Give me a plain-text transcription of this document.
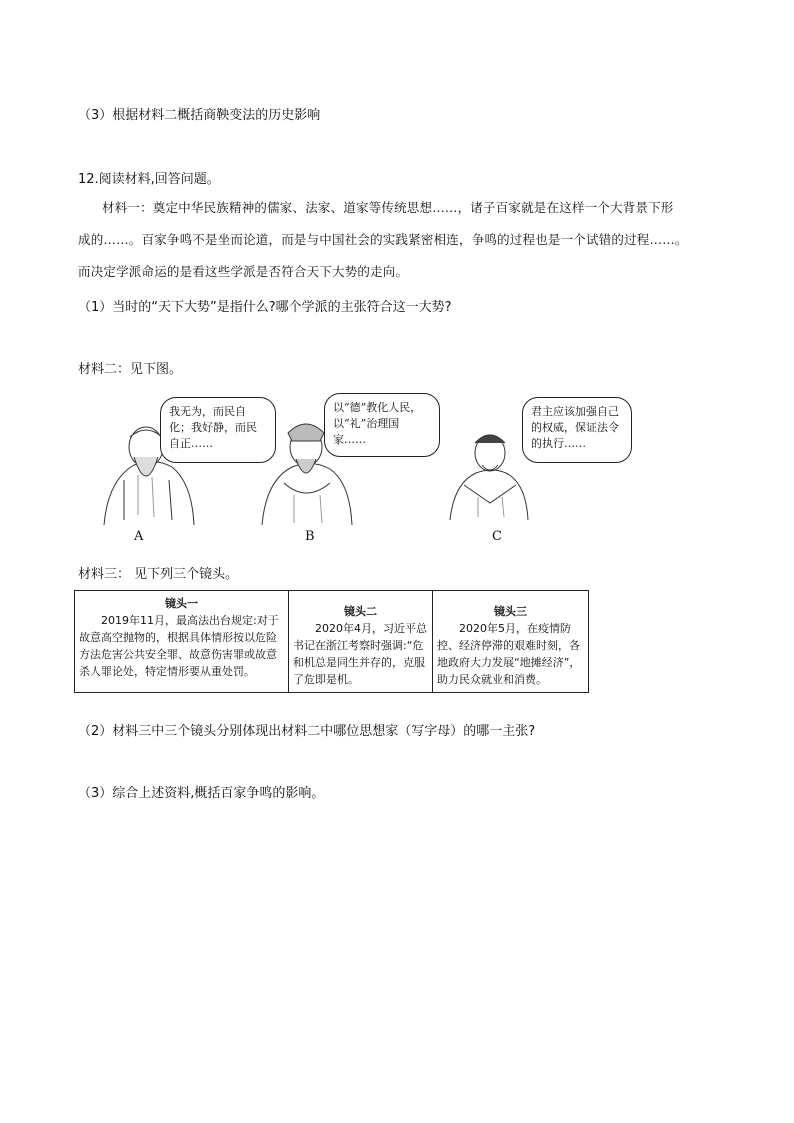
（3）根据材料二概括商鞅变法的历史影响
12.阅读材料,回答问题。
材料一：奠定中华民族精神的儒家、法家、道家等传统思想……，诸子百家就是在这样一个大背景下形
成的……。百家争鸣不是坐而论道，而是与中国社会的实践紧密相连，争鸣的过程也是一个试错的过程……。
而决定学派命运的是看这些学派是否符合天下大势的走向。
（1）当时的“天下大势”是指什么?哪个学派的主张符合这一大势?
材料二：见下图。
我无为，而民自化；我好静，而民自正……
以“德”教化人民，以“礼”治理国家……
君主应该加强自己的权威，保证法令的执行……
A	B	C
材料三： 见下列三个镜头。
镜头一
2019年11月，最高法出台规定:对于故意高空抛物的，根据具体情形按以危险方法危害公共安全罪、故意伤害罪或故意杀人罪论处，特定情形要从重处罚。

镜头二
2020年4月，习近平总书记在浙江考察时强调:“危和机总是同生并存的，克服了危即是机。

镜头三
2020年5月，在疫情防控、经济停滞的艰难时刻，各地政府大力发展“地摊经济”，助力民众就业和消费。
（2）材料三中三个镜头分别体现出材料二中哪位思想家（写字母）的哪一主张?
（3）综合上述资料,概括百家争鸣的影响。
